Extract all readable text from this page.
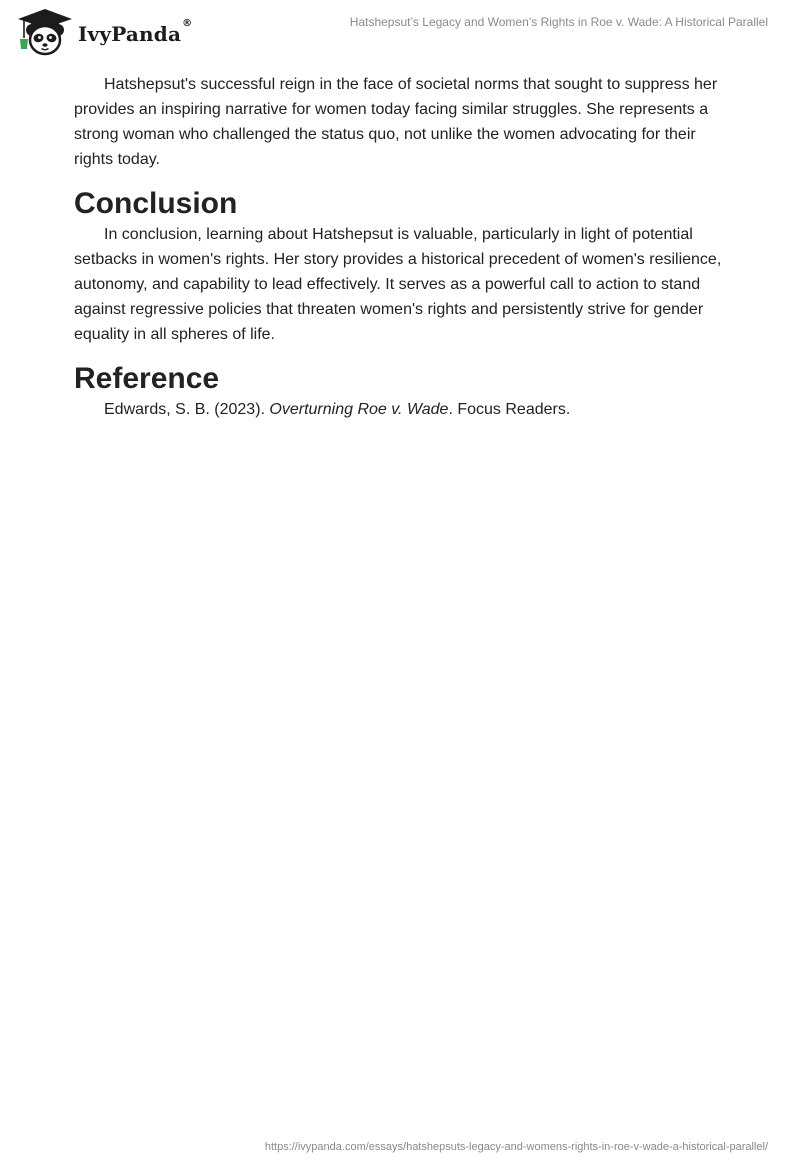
IvyPanda®	Hatshepsut’s Legacy and Women’s Rights in Roe v. Wade: A Historical Parallel

Hatshepsut's successful reign in the face of societal norms that sought to suppress her provides an inspiring narrative for women today facing similar struggles. She represents a strong woman who challenged the status quo, not unlike the women advocating for their rights today.

Conclusion

In conclusion, learning about Hatshepsut is valuable, particularly in light of potential setbacks in women's rights. Her story provides a historical precedent of women's resilience, autonomy, and capability to lead effectively. It serves as a powerful call to action to stand against regressive policies that threaten women's rights and persistently strive for gender equality in all spheres of life.

Reference

Edwards, S. B. (2023). Overturning Roe v. Wade. Focus Readers.

https://ivypanda.com/essays/hatshepsuts-legacy-and-womens-rights-in-roe-v-wade-a-historical-parallel/
